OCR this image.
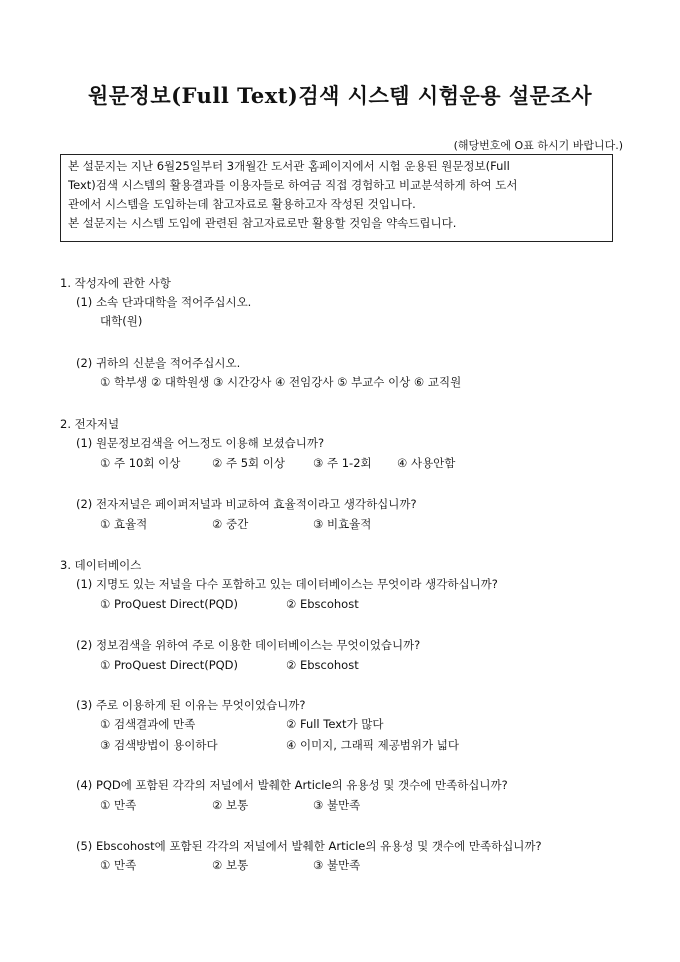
원문정보(Full Text)검색 시스템 시험운용 설문조사
(해당번호에 O표 하시기 바랍니다.)
본 설문지는 지난 6월25일부터 3개월간 도서관 홈페이지에서 시험 운용된 원문정보(Full
Text)검색 시스템의 활용결과를 이용자들로 하여금 직접 경험하고 비교분석하게 하여 도서
관에서 시스템을 도입하는데 참고자료로 활용하고자 작성된 것입니다.
본 설문지는 시스템 도입에 관련된 참고자료로만 활용할 것임을 약속드립니다.
1. 작성자에 관한 사항
(1) 소속 단과대학을 적어주십시오.
대학(원)
(2) 귀하의 신분을 적어주십시오.
① 학부생 ② 대학원생 ③ 시간강사 ④ 전임강사 ⑤ 부교수 이상 ⑥ 교직원
2. 전자저널
(1) 원문정보검색을 어느정도 이용해 보셨습니까?
① 주 10회 이상	② 주 5회 이상 ③ 주 1-2회 ④ 사용안함
(2) 전자저널은 페이퍼저널과 비교하여 효율적이라고 생각하십니까?
① 효율적	② 중간	③ 비효율적
3. 데이터베이스
(1) 지명도 있는 저널을 다수 포함하고 있는 데이터베이스는 무엇이라 생각하십니까?
① ProQuest Direct(PQD)	② Ebscohost
(2) 정보검색을 위하여 주로 이용한 데이터베이스는 무엇이었습니까?
① ProQuest Direct(PQD)	② Ebscohost
(3) 주로 이용하게 된 이유는 무엇이었습니까?
① 검색결과에 만족	② Full Text가 많다
③ 검색방법이 용이하다	④ 이미지, 그래픽 제공범위가 넓다
(4) PQD에 포함된 각각의 저널에서 발췌한 Article의 유용성 및 갯수에 만족하십니까?
① 만족	② 보통	③ 불만족
(5) Ebscohost에 포함된 각각의 저널에서 발췌한 Article의 유용성 및 갯수에 만족하십니까?
① 만족	② 보통	③ 불만족
